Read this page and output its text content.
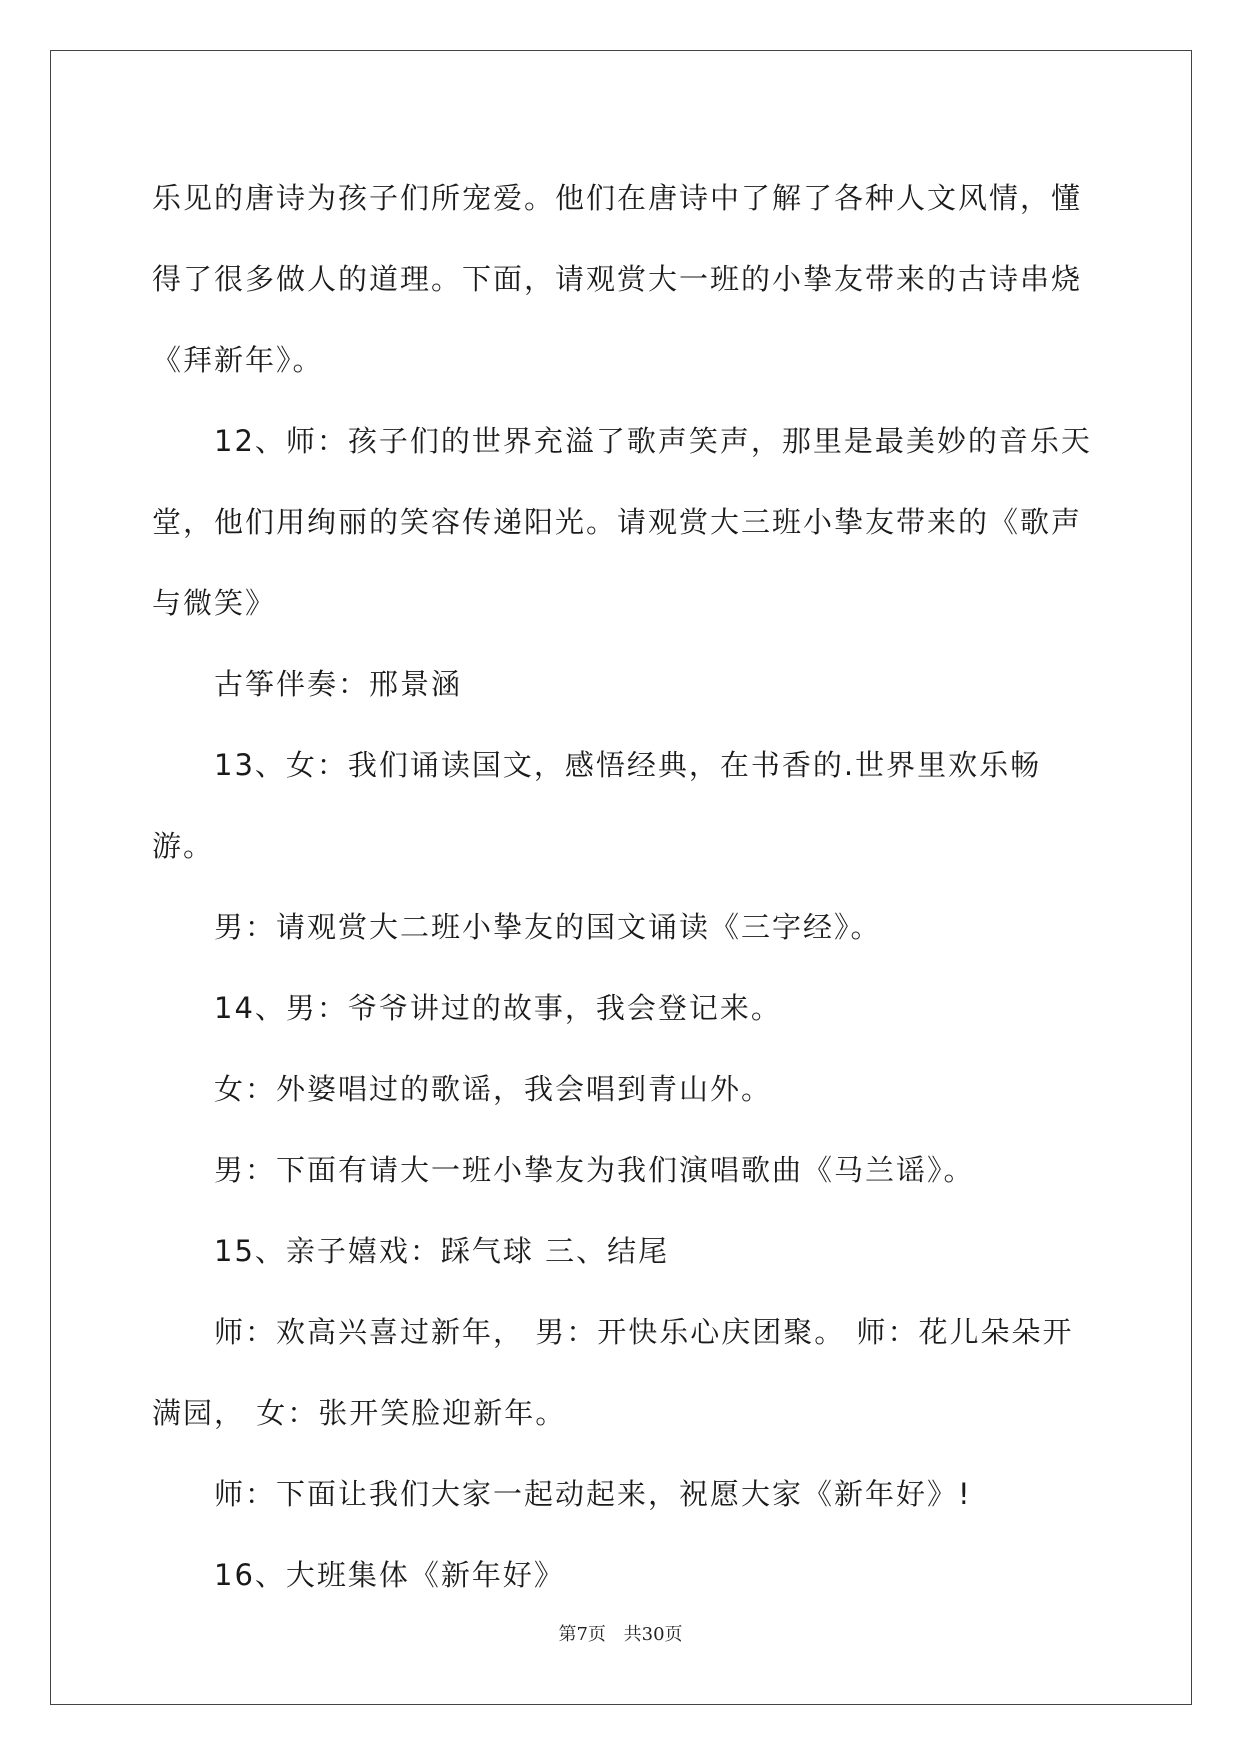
乐见的唐诗为孩子们所宠爱。他们在唐诗中了解了各种人文风情，懂得了很多做人的道理。下面，请观赏大一班的小挚友带来的古诗串烧《拜新年》。

12、师：孩子们的世界充溢了歌声笑声，那里是最美妙的音乐天堂，他们用绚丽的笑容传递阳光。请观赏大三班小挚友带来的《歌声与微笑》

古筝伴奏：邢景涵

13、女：我们诵读国文，感悟经典，在书香的.世界里欢乐畅游。

男：请观赏大二班小挚友的国文诵读《三字经》。

14、男：爷爷讲过的故事，我会登记来。

女：外婆唱过的歌谣，我会唱到青山外。

男：下面有请大一班小挚友为我们演唱歌曲《马兰谣》。

15、亲子嬉戏：踩气球 三、结尾

师：欢高兴喜过新年， 男：开快乐心庆团聚。 师：花儿朵朵开满园， 女：张开笑脸迎新年。

师：下面让我们大家一起动起来，祝愿大家《新年好》!

16、大班集体《新年好》

第7页 共30页
